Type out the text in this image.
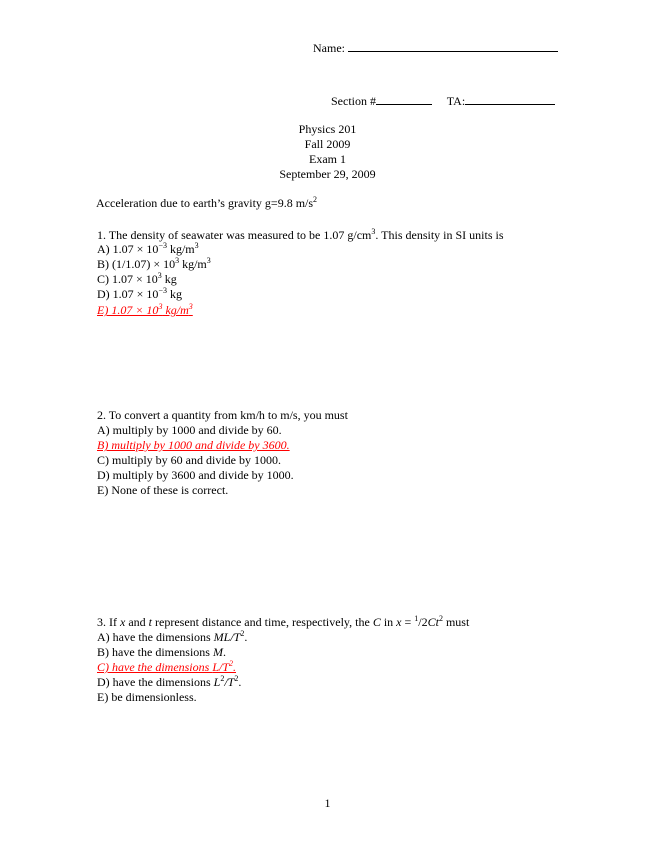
Name:
Section #	TA:
Physics 201
Fall 2009
Exam 1
September 29, 2009
Acceleration due to earth’s gravity g=9.8 $m/s^2$
1. The density of seawater was measured to be 1.07 $g/cm^3$. This density in SI units is
A) $1.07 \times 10^{-3}$ $kg/m^3$
B) $(1/1.07) \times 10^3$ $kg/m^3$
C) $1.07 \times 10^3$ kg
D) $1.07 \times 10^{-3}$ kg
E) $1.07 \times 10^3$ $kg/m^3$
2. To convert a quantity from km/h to m/s, you must
A) multiply by 1000 and divide by 60.
B) multiply by 1000 and divide by 3600.
C) multiply by 60 and divide by 1000.
D) multiply by 3600 and divide by 1000.
E) None of these is correct.
3. If x and t represent distance and time, respectively, the C in $x = ^1/2Ct^2$ must
A) have the dimensions $ML/T^2$.
B) have the dimensions M.
C) have the dimensions $L/T^2$.
D) have the dimensions $L^2/T^2$.
E) be dimensionless.
1
